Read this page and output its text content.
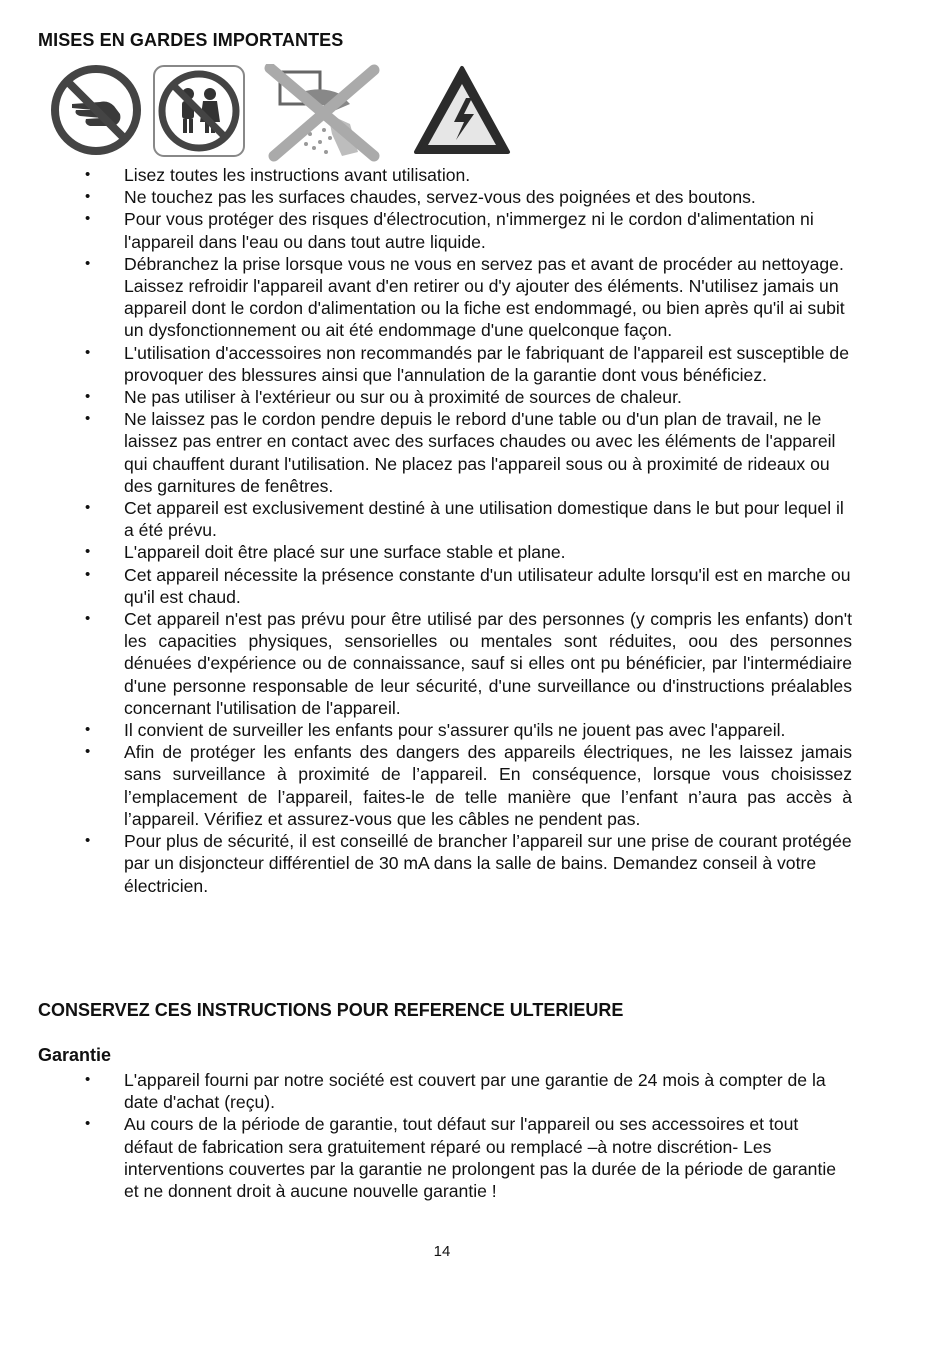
MISES EN GARDES IMPORTANTES
• Lisez toutes les instructions avant utilisation.
• Ne touchez pas les surfaces chaudes, servez-vous des poignées et des boutons.
• Pour vous protéger des risques d'électrocution, n'immergez ni le cordon d'alimentation ni l'appareil dans l'eau ou dans tout autre liquide.
• Débranchez la prise lorsque vous ne vous en servez pas et avant de procéder au nettoyage. Laissez refroidir l'appareil avant d'en retirer ou d'y ajouter des éléments. N'utilisez jamais un appareil dont le cordon d'alimentation ou la fiche est endommagé, ou bien après qu'il ai subit un dysfonctionnement ou ait été endommage d'une quelconque façon.
• L'utilisation d'accessoires non recommandés par le fabriquant de l'appareil est susceptible de provoquer des blessures ainsi que l'annulation de la garantie dont vous bénéficiez.
• Ne pas utiliser à l'extérieur ou sur ou à proximité de sources de chaleur.
• Ne laissez pas le cordon pendre depuis le rebord d'une table ou d'un plan de travail, ne le laissez pas entrer en contact avec des surfaces chaudes ou avec les éléments de l'appareil qui chauffent durant l'utilisation. Ne placez pas l'appareil sous ou à proximité de rideaux ou des garnitures de fenêtres.
• Cet appareil est exclusivement destiné à une utilisation domestique dans le but pour lequel il a été prévu.
• L'appareil doit être placé sur une surface stable et plane.
• Cet appareil nécessite la présence constante d'un utilisateur adulte lorsqu'il est en marche ou qu'il est chaud.
• Cet appareil n'est pas prévu pour être utilisé par des personnes (y compris les enfants) don't les capacities physiques, sensorielles ou mentales sont réduites, oou des personnes dénuées d'expérience ou de connaissance, sauf si elles ont pu bénéficier, par l'intermédiaire d'une personne responsable de leur sécurité, d'une surveillance ou d'instructions préalables concernant l'utilisation de l'appareil.
• Il convient de surveiller les enfants pour s'assurer qu'ils ne jouent pas avec l'appareil.
• Afin de protéger les enfants des dangers des appareils électriques, ne les laissez jamais sans surveillance à proximité de l’appareil. En conséquence, lorsque vous choisissez l’emplacement de l’appareil, faites-le de telle manière que l’enfant n’aura pas accès à l’appareil. Vérifiez et assurez-vous que les câbles ne pendent pas.
• Pour plus de sécurité, il est conseillé de brancher l’appareil sur une prise de courant protégée par un disjoncteur différentiel de 30 mA dans la salle de bains. Demandez conseil à votre électricien.
CONSERVEZ CES INSTRUCTIONS POUR REFERENCE ULTERIEURE
Garantie
• L'appareil fourni par notre société est couvert par une garantie de 24 mois à compter de la date d'achat (reçu).
• Au cours de la période de garantie, tout défaut sur l'appareil ou ses accessoires et tout défaut de fabrication sera gratuitement réparé ou remplacé –à notre discrétion- Les interventions couvertes par la garantie ne prolongent pas la durée de la période de garantie et ne donnent droit à aucune nouvelle garantie !
14
